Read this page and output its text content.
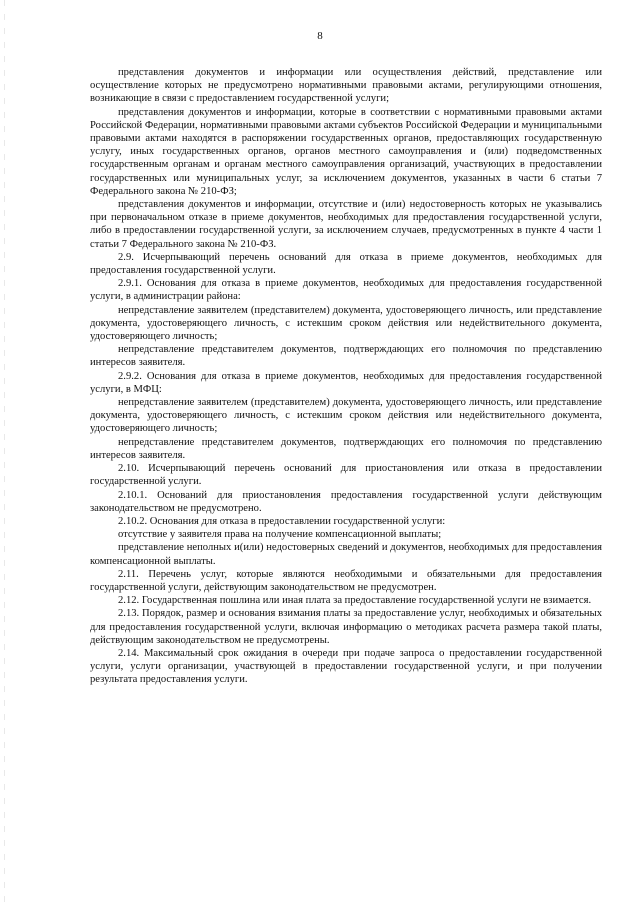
8

представления документов и информации или осуществления действий, представление или осуществление которых не предусмотрено нормативными правовыми актами, регулирующими отношения, возникающие в связи с предоставлением государственной услуги;

представления документов и информации, которые в соответствии с нормативными правовыми актами Российской Федерации, нормативными правовыми актами субъектов Российской Федерации и муниципальными правовыми актами находятся в распоряжении государственных органов, предоставляющих государственную услугу, иных государственных органов, органов местного самоуправления и (или) подведомственных государственным органам и органам местного самоуправления организаций, участвующих в предоставлении государственных или муниципальных услуг, за исключением документов, указанных в части 6 статьи 7 Федерального закона № 210-ФЗ;

представления документов и информации, отсутствие и (или) недостоверность которых не указывались при первоначальном отказе в приеме документов, необходимых для предоставления государственной услуги, либо в предоставлении государственной услуги, за исключением случаев, предусмотренных в пункте 4 части 1 статьи 7 Федерального закона № 210-ФЗ.

2.9. Исчерпывающий перечень оснований для отказа в приеме документов, необходимых для предоставления государственной услуги.

2.9.1. Основания для отказа в приеме документов, необходимых для предоставления государственной услуги, в администрации района:

непредставление заявителем (представителем) документа, удостоверяющего личность, или представление документа, удостоверяющего личность, с истекшим сроком действия или недействительного документа, удостоверяющего личность;

непредставление представителем документов, подтверждающих его полномочия по представлению интересов заявителя.

2.9.2. Основания для отказа в приеме документов, необходимых для предоставления государственной услуги, в МФЦ:

непредставление заявителем (представителем) документа, удостоверяющего личность, или представление документа, удостоверяющего личность, с истекшим сроком действия или недействительного документа, удостоверяющего личность;

непредставление представителем документов, подтверждающих его полномочия по представлению интересов заявителя.

2.10. Исчерпывающий перечень оснований для приостановления или отказа в предоставлении государственной услуги.

2.10.1. Оснований для приостановления предоставления государственной услуги действующим законодательством не предусмотрено.

2.10.2. Основания для отказа в предоставлении государственной услуги:

отсутствие у заявителя права на получение компенсационной выплаты;

представление неполных и(или) недостоверных сведений и документов, необходимых для предоставления компенсационной выплаты.

2.11. Перечень услуг, которые являются необходимыми и обязательными для предоставления государственной услуги, действующим законодательством не предусмотрен.

2.12. Государственная пошлина или иная плата за предоставление государственной услуги не взимается.

2.13. Порядок, размер и основания взимания платы за предоставление услуг, необходимых и обязательных для предоставления государственной услуги, включая информацию о методиках расчета размера такой платы, действующим законодательством не предусмотрены.

2.14. Максимальный срок ожидания в очереди при подаче запроса о предоставлении государственной услуги, услуги организации, участвующей в предоставлении государственной услуги, и при получении результата предоставления услуги.
